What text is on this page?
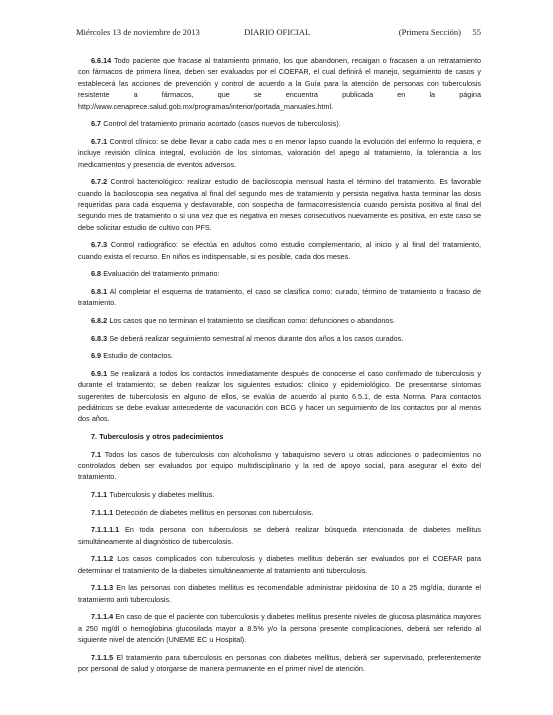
Miércoles 13 de noviembre de 2013	DIARIO OFICIAL	(Primera Sección) 55

6.6.14 Todo paciente que fracase al tratamiento primario, los que abandonen, recaigan o fracasen a un retratamiento con fármacos de primera línea, deben ser evaluados por el COEFAR, el cual definirá el manejo, seguimiento de casos y establecerá las acciones de prevención y control de acuerdo a la Guía para la atención de personas con tuberculosis resistente a fármacos, que se encuentra publicada en la página http://www.cenaprece.salud.gob.mx/programas/interior/portada_manuales.html.

6.7 Control del tratamiento primario acortado (casos nuevos de tuberculosis).

6.7.1 Control clínico: se debe llevar a cabo cada mes o en menor lapso cuando la evolución del enfermo lo requiera, e incluye revisión clínica integral, evolución de los síntomas, valoración del apego al tratamiento, la tolerancia a los medicamentos y presencia de eventos adversos.

6.7.2 Control bacteriológico: realizar estudio de baciloscopia mensual hasta el término del tratamiento. Es favorable cuando la baciloscopia sea negativa al final del segundo mes de tratamiento y persista negativa hasta terminar las dosis requeridas para cada esquema y desfavorable, con sospecha de farmacorresistencia cuando persista positiva al final del segundo mes de tratamiento o si una vez que es negativa en meses consecutivos nuevamente es positiva, en este caso se debe solicitar estudio de cultivo con PFS.

6.7.3 Control radiográfico: se efectúa en adultos como estudio complementario, al inicio y al final del tratamiento, cuando exista el recurso. En niños es indispensable, si es posible, cada dos meses.

6.8 Evaluación del tratamiento primario:

6.8.1 Al completar el esquema de tratamiento, el caso se clasifica como: curado, término de tratamiento o fracaso de tratamiento.

6.8.2 Los casos que no terminan el tratamiento se clasifican como: defunciones o abandonos.

6.8.3 Se deberá realizar seguimiento semestral al menos durante dos años a los casos curados.

6.9 Estudio de contactos.

6.9.1 Se realizará a todos los contactos inmediatamente después de conocerse el caso confirmado de tuberculosis y durante el tratamiento; se deben realizar los siguientes estudios: clínico y epidemiológico. De presentarse síntomas sugerentes de tuberculosis en alguno de ellos, se evalúa de acuerdo al punto 6.5.1, de esta Norma. Para contactos pediátricos se debe evaluar antecedente de vacunación con BCG y hacer un seguimiento de los contactos por al menos dos años.

7. Tuberculosis y otros padecimientos

7.1 Todos los casos de tuberculosis con alcoholismo y tabaquismo severo u otras adicciones o padecimientos no controlados deben ser evaluados por equipo multidisciplinario y la red de apoyo social, para asegurar el éxito del tratamiento.

7.1.1 Tuberculosis y diabetes mellitus.

7.1.1.1 Detección de diabetes mellitus en personas con tuberculosis.

7.1.1.1.1 En toda persona con tuberculosis se deberá realizar búsqueda intencionada de diabetes mellitus simultáneamente al diagnóstico de tuberculosis.

7.1.1.2 Los casos complicados con tuberculosis y diabetes mellitus deberán ser evaluados por el COEFAR para determinar el tratamiento de la diabetes simultáneamente al tratamiento anti tuberculosis.

7.1.1.3 En las personas con diabetes mellitus es recomendable administrar piridoxina de 10 a 25 mg/día, durante el tratamiento anti tuberculosis.

7.1.1.4 En caso de que el paciente con tuberculosis y diabetes mellitus presente niveles de glucosa plasmática mayores a 250 mg/dl o hemoglobina glucosilada mayor a 8.5% y/o la persona presente complicaciones, deberá ser referido al siguiente nivel de atención (UNEME EC u Hospital).

7.1.1.5 El tratamiento para tuberculosis en personas con diabetes mellitus, deberá ser supervisado, preferentemente por personal de salud y otorgarse de manera permanente en el primer nivel de atención.
